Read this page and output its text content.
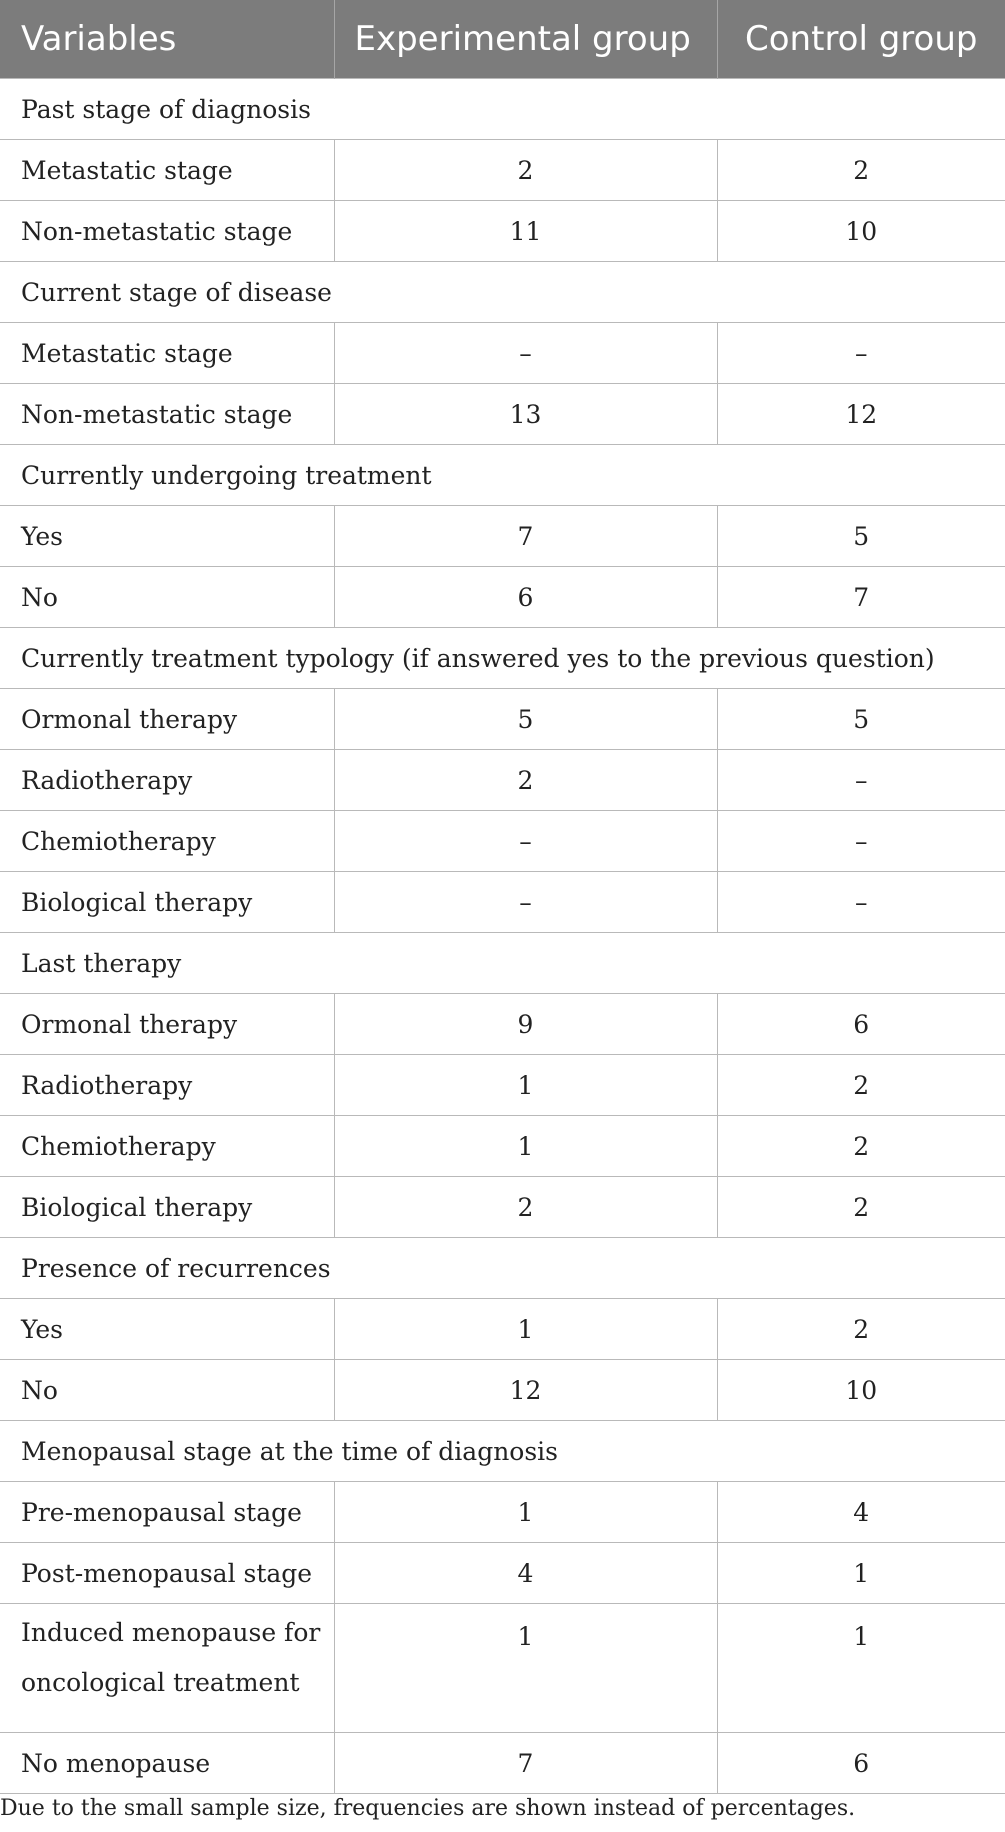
Variables	Experimental group	Control group
Past stage of diagnosis		
Metastatic stage	2	2
Non-metastatic stage	11	10
Current stage of disease		
Metastatic stage	–	–
Non-metastatic stage	13	12
Currently undergoing treatment		
Yes	7	5
No	6	7
Currently treatment typology (if answered yes to the previous question)		
Ormonal therapy	5	5
Radiotherapy	2	–
Chemiotherapy	–	–
Biological therapy	–	–
Last therapy		
Ormonal therapy	9	6
Radiotherapy	1	2
Chemiotherapy	1	2
Biological therapy	2	2
Presence of recurrences		
Yes	1	2
No	12	10
Menopausal stage at the time of diagnosis		
Pre-menopausal stage	1	4
Post-menopausal stage	4	1
Induced menopause for oncological treatment	1	1
No menopause	7	6
Due to the small sample size, frequencies are shown instead of percentages.
